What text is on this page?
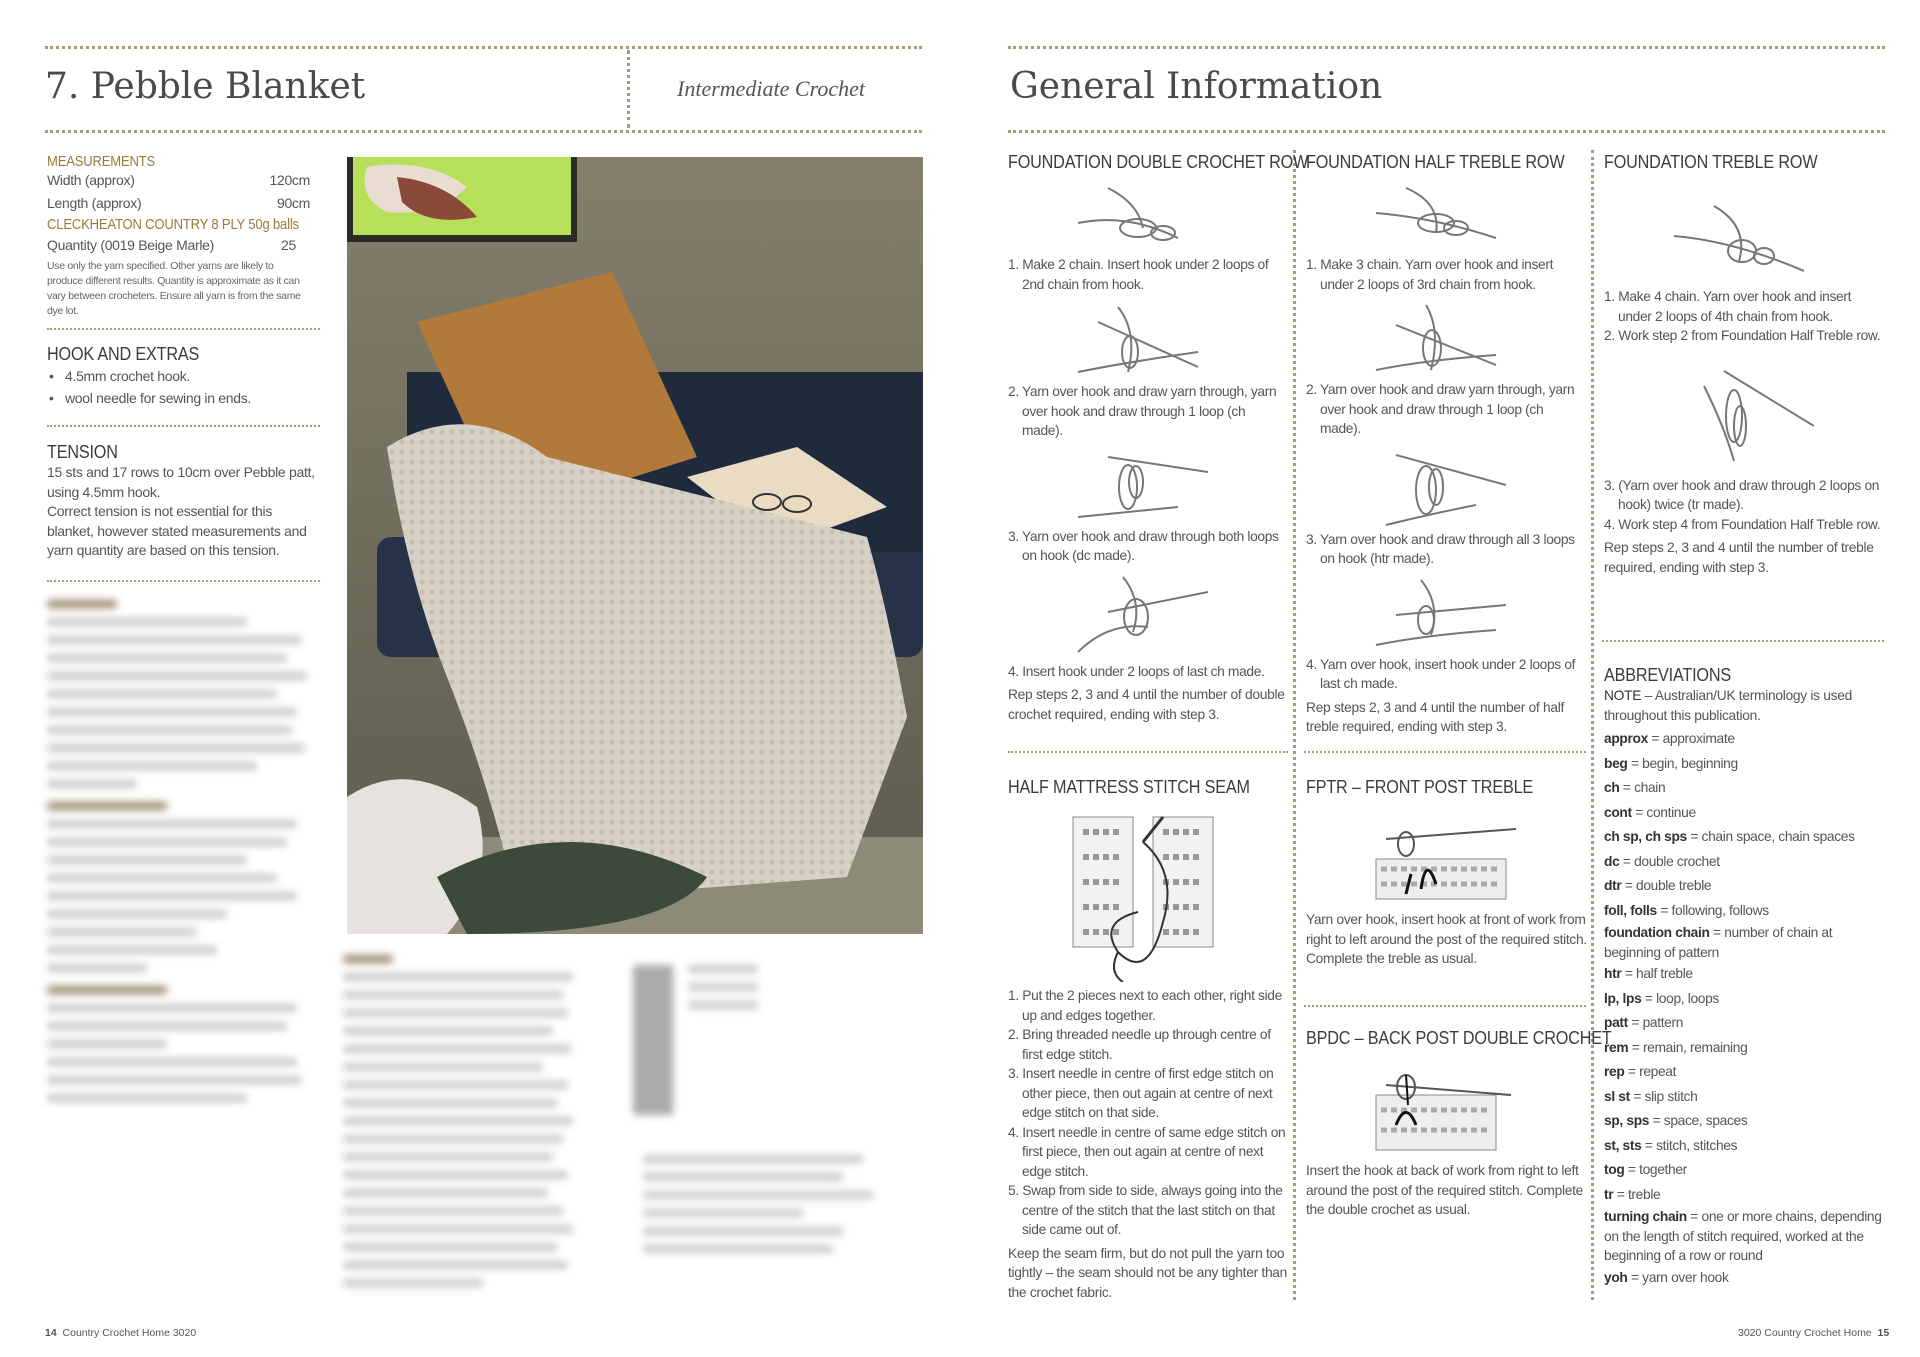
7. Pebble Blanket	Intermediate Crochet
MEASUREMENTS
Width (approx)	120cm
Length (approx)	90cm
CLECKHEATON COUNTRY 8 PLY 50g balls
Quantity (0019 Beige Marle)	25
Use only the yarn specified. Other yarns are likely to produce different results. Quantity is approximate as it can vary between crocheters. Ensure all yarn is from the same dye lot.
HOOK AND EXTRAS
• 4.5mm crochet hook.
• wool needle for sewing in ends.
TENSION
15 sts and 17 rows to 10cm over Pebble patt, using 4.5mm hook.
Correct tension is not essential for this blanket, however stated measurements and yarn quantity are based on this tension.
14 Country Crochet Home 3020
General Information
FOUNDATION DOUBLE CROCHET ROW
1. Make 2 chain. Insert hook under 2 loops of 2nd chain from hook.
2. Yarn over hook and draw yarn through, yarn over hook and draw through 1 loop (ch made).
3. Yarn over hook and draw through both loops on hook (dc made).
4. Insert hook under 2 loops of last ch made.
Rep steps 2, 3 and 4 until the number of double crochet required, ending with step 3.
FOUNDATION HALF TREBLE ROW
1. Make 3 chain. Yarn over hook and insert under 2 loops of 3rd chain from hook.
2. Yarn over hook and draw yarn through, yarn over hook and draw through 1 loop (ch made).
3. Yarn over hook and draw through all 3 loops on hook (htr made).
4. Yarn over hook, insert hook under 2 loops of last ch made.
Rep steps 2, 3 and 4 until the number of half treble required, ending with step 3.
FOUNDATION TREBLE ROW
1. Make 4 chain. Yarn over hook and insert under 2 loops of 4th chain from hook.
2. Work step 2 from Foundation Half Treble row.
3. (Yarn over hook and draw through 2 loops on hook) twice (tr made).
4. Work step 4 from Foundation Half Treble row.
Rep steps 2, 3 and 4 until the number of treble required, ending with step 3.
ABBREVIATIONS
NOTE – Australian/UK terminology is used throughout this publication.
approx = approximate
beg = begin, beginning
ch = chain
cont = continue
ch sp, ch sps = chain space, chain spaces
dc = double crochet
dtr = double treble
foll, folls = following, follows
foundation chain = number of chain at beginning of pattern
htr = half treble
lp, lps = loop, loops
patt = pattern
rem = remain, remaining
rep = repeat
sl st = slip stitch
sp, sps = space, spaces
st, sts = stitch, stitches
tog = together
tr = treble
turning chain = one or more chains, depending on the length of stitch required, worked at the beginning of a row or round
yoh = yarn over hook
HALF MATTRESS STITCH SEAM
1. Put the 2 pieces next to each other, right side up and edges together.
2. Bring threaded needle up through centre of first edge stitch.
3. Insert needle in centre of first edge stitch on other piece, then out again at centre of next edge stitch on that side.
4. Insert needle in centre of same edge stitch on first piece, then out again at centre of next edge stitch.
5. Swap from side to side, always going into the centre of the stitch that the last stitch on that side came out of.
Keep the seam firm, but do not pull the yarn too tightly – the seam should not be any tighter than the crochet fabric.
FPTR – FRONT POST TREBLE
Yarn over hook, insert hook at front of work from right to left around the post of the required stitch. Complete the treble as usual.
BPDC – BACK POST DOUBLE CROCHET
Insert the hook at back of work from right to left around the post of the required stitch. Complete the double crochet as usual.
3020 Country Crochet Home 15
